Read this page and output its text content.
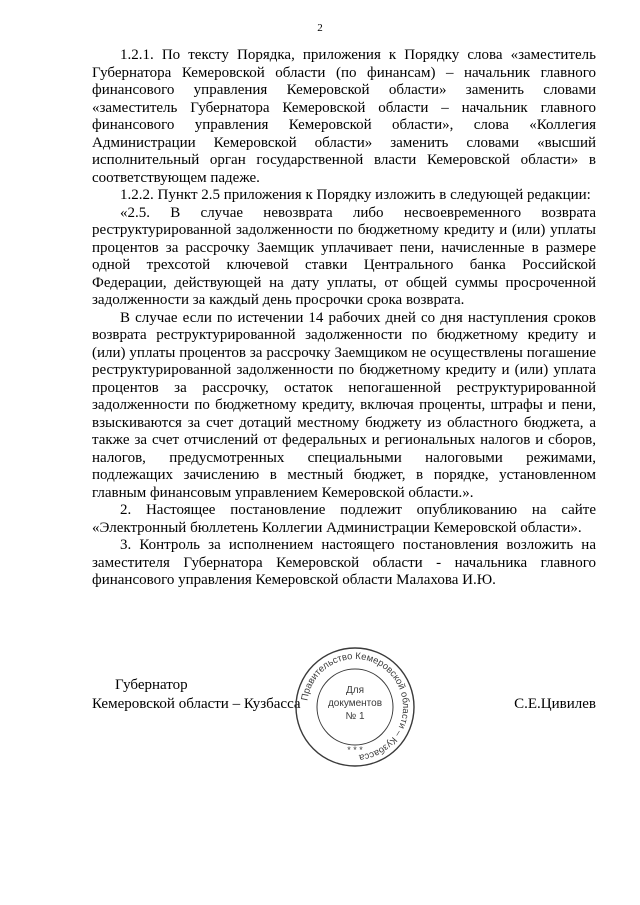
2

1.2.1. По тексту Порядка, приложения к Порядку слова «заместитель Губернатора Кемеровской области (по финансам) – начальник главного финансового управления Кемеровской области» заменить словами «заместитель Губернатора Кемеровской области – начальник главного финансового управления Кемеровской области», слова «Коллегия Администрации Кемеровской области» заменить словами «высший исполнительный орган государственной власти Кемеровской области» в соответствующем падеже.

1.2.2. Пункт 2.5 приложения к Порядку изложить в следующей редакции:

«2.5. В случае невозврата либо несвоевременного возврата реструктурированной задолженности по бюджетному кредиту и (или) уплаты процентов за рассрочку Заемщик уплачивает пени, начисленные в размере одной трехсотой ключевой ставки Центрального банка Российской Федерации, действующей на дату уплаты, от общей суммы просроченной задолженности за каждый день просрочки срока возврата.

В случае если по истечении 14 рабочих дней со дня наступления сроков возврата реструктурированной задолженности по бюджетному кредиту и (или) уплаты процентов за рассрочку Заемщиком не осуществлены погашение реструктурированной задолженности по бюджетному кредиту и (или) уплата процентов за рассрочку, остаток непогашенной реструктурированной задолженности по бюджетному кредиту, включая проценты, штрафы и пени, взыскиваются за счет дотаций местному бюджету из областного бюджета, а также за счет отчислений от федеральных и региональных налогов и сборов, налогов, предусмотренных специальными налоговыми режимами, подлежащих зачислению в местный бюджет, в порядке, установленном главным финансовым управлением Кемеровской области.».

2. Настоящее постановление подлежит опубликованию на сайте «Электронный бюллетень Коллегии Администрации Кемеровской области».

3. Контроль за исполнением настоящего постановления возложить на заместителя Губернатора Кемеровской области - начальника главного финансового управления Кемеровской области Малахова И.Ю.

Губернатор
Кемеровской области – Кузбасса	С.Е.Цивилев
Правительство Кемеровской области – Кузбасса
Для
документов
№ 1
* * *
